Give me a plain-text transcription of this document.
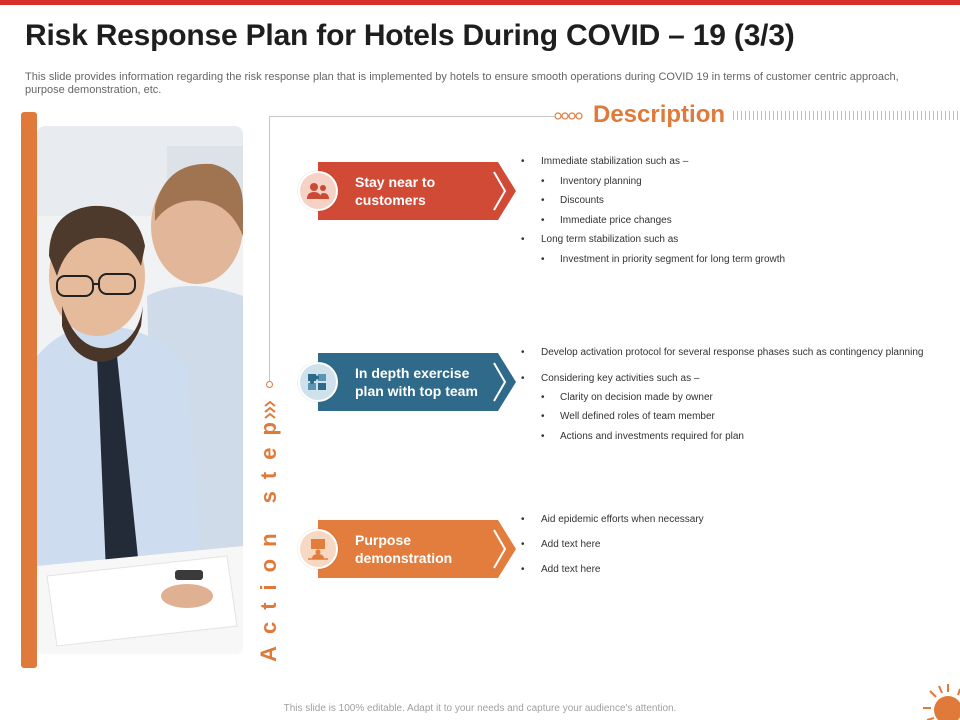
Risk Response Plan for Hotels During COVID – 19 (3/3)

This slide provides information regarding the risk response plan that is implemented by hotels to ensure smooth operations during COVID 19 in terms of customer centric approach, purpose demonstration, etc.

Description
Action step
Stay near to customers
In depth exercise plan with top team
Purpose demonstration
• Immediate stabilization such as –
• Inventory planning
• Discounts
• Immediate price changes
• Long term stabilization such as
• Investment in priority segment for long term growth
• Develop activation protocol for several response phases such as contingency planning
• Considering key activities such as –
• Clarity on decision made by owner
• Well defined roles of team member
• Actions and investments required for plan
• Aid epidemic efforts when necessary
• Add text here
• Add text here
This slide is 100% editable. Adapt it to your needs and capture your audience's attention.
